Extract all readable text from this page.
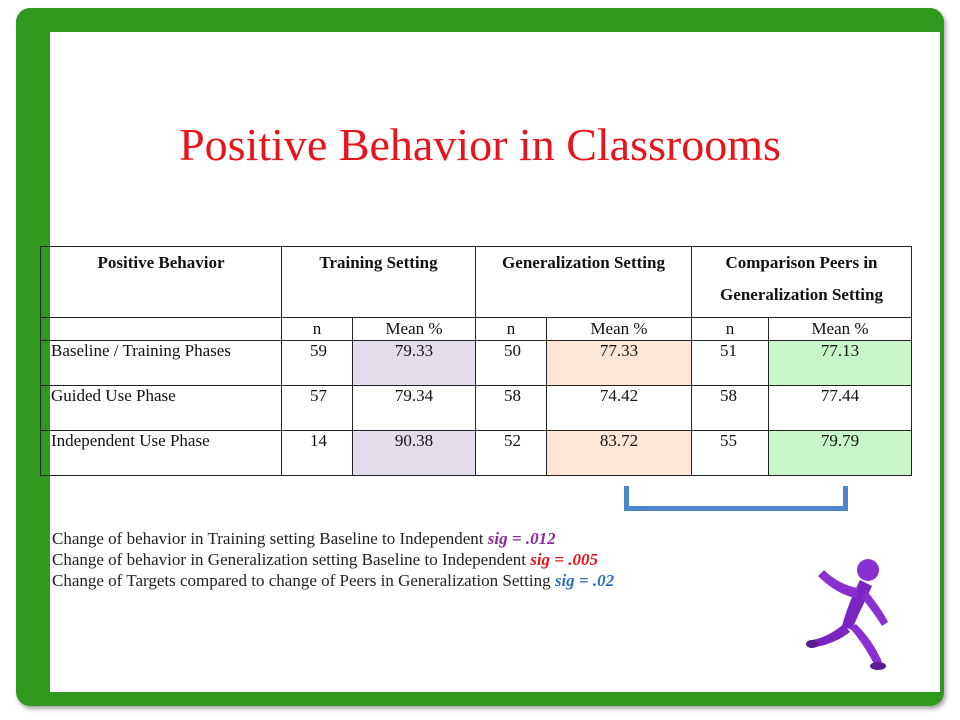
Positive Behavior in Classrooms
Positive Behavior	Training Setting		Generalization Setting		Comparison Peers in Generalization Setting	

	n	Mean %	n	Mean %	n	Mean %
Baseline / Training Phases	59	79.33	50	77.33	51	77.13
Guided Use Phase	57	79.34	58	74.42	58	77.44
Independent Use Phase	14	90.38	52	83.72	55	79.79
Change of behavior in Training setting Baseline to Independent sig = .012
Change of behavior in Generalization setting Baseline to Independent sig = .005
Change of Targets compared to change of Peers in Generalization Setting sig = .02
